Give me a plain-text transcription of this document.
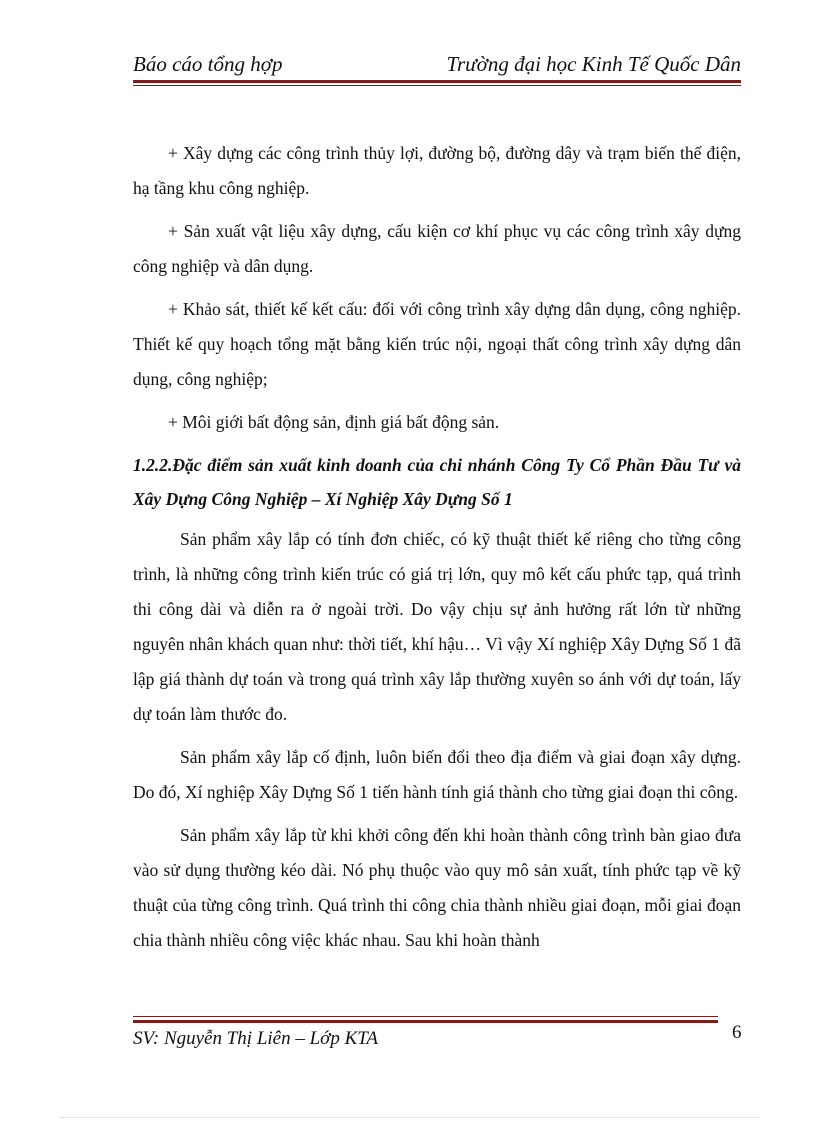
Báo cáo tổng hợp	Trường đại học Kinh Tế Quốc Dân

+ Xây dựng các công trình thủy lợi, đường bộ, đường dây và trạm biến thế điện, hạ tầng khu công nghiệp.

+ Sản xuất vật liệu xây dựng, cấu kiện cơ khí phục vụ các công trình xây dựng công nghiệp và dân dụng.

+ Khảo sát, thiết kế kết cấu: đối với công trình xây dựng dân dụng, công nghiệp. Thiết kế quy hoạch tổng mặt bằng kiến trúc nội, ngoại thất công trình xây dựng dân dụng, công nghiệp;

+ Môi giới bất động sản, định giá bất động sản.

1.2.2.Đặc điểm sản xuất kinh doanh của chi nhánh Công Ty Cổ Phần Đầu Tư và Xây Dựng Công Nghiệp – Xí Nghiệp Xây Dựng Số 1

Sản phẩm xây lắp có tính đơn chiếc, có kỹ thuật thiết kế riêng cho từng công trình, là những công trình kiến trúc có giá trị lớn, quy mô kết cấu phức tạp, quá trình thi công dài và diễn ra ở ngoài trời. Do vậy chịu sự ảnh hưởng rất lớn từ những nguyên nhân khách quan như: thời tiết, khí hậu… Vì vậy Xí nghiệp Xây Dựng Số 1 đã lập giá thành dự toán và trong quá trình xây lắp thường xuyên so ánh với dự toán, lấy dự toán làm thước đo.

Sản phẩm xây lắp cố định, luôn biến đổi theo địa điểm và giai đoạn xây dựng. Do đó, Xí nghiệp Xây Dựng Số 1 tiến hành tính giá thành cho từng giai đoạn thi công.

Sản phẩm xây lắp từ khi khởi công đến khi hoàn thành công trình bàn giao đưa vào sử dụng thường kéo dài. Nó phụ thuộc vào quy mô sản xuất, tính phức tạp về kỹ thuật của từng công trình. Quá trình thi công chia thành nhiều giai đoạn, mỗi giai đoạn chia thành nhiều công việc khác nhau. Sau khi hoàn thành

SV: Nguyễn Thị Liên – Lớp KTA	6
